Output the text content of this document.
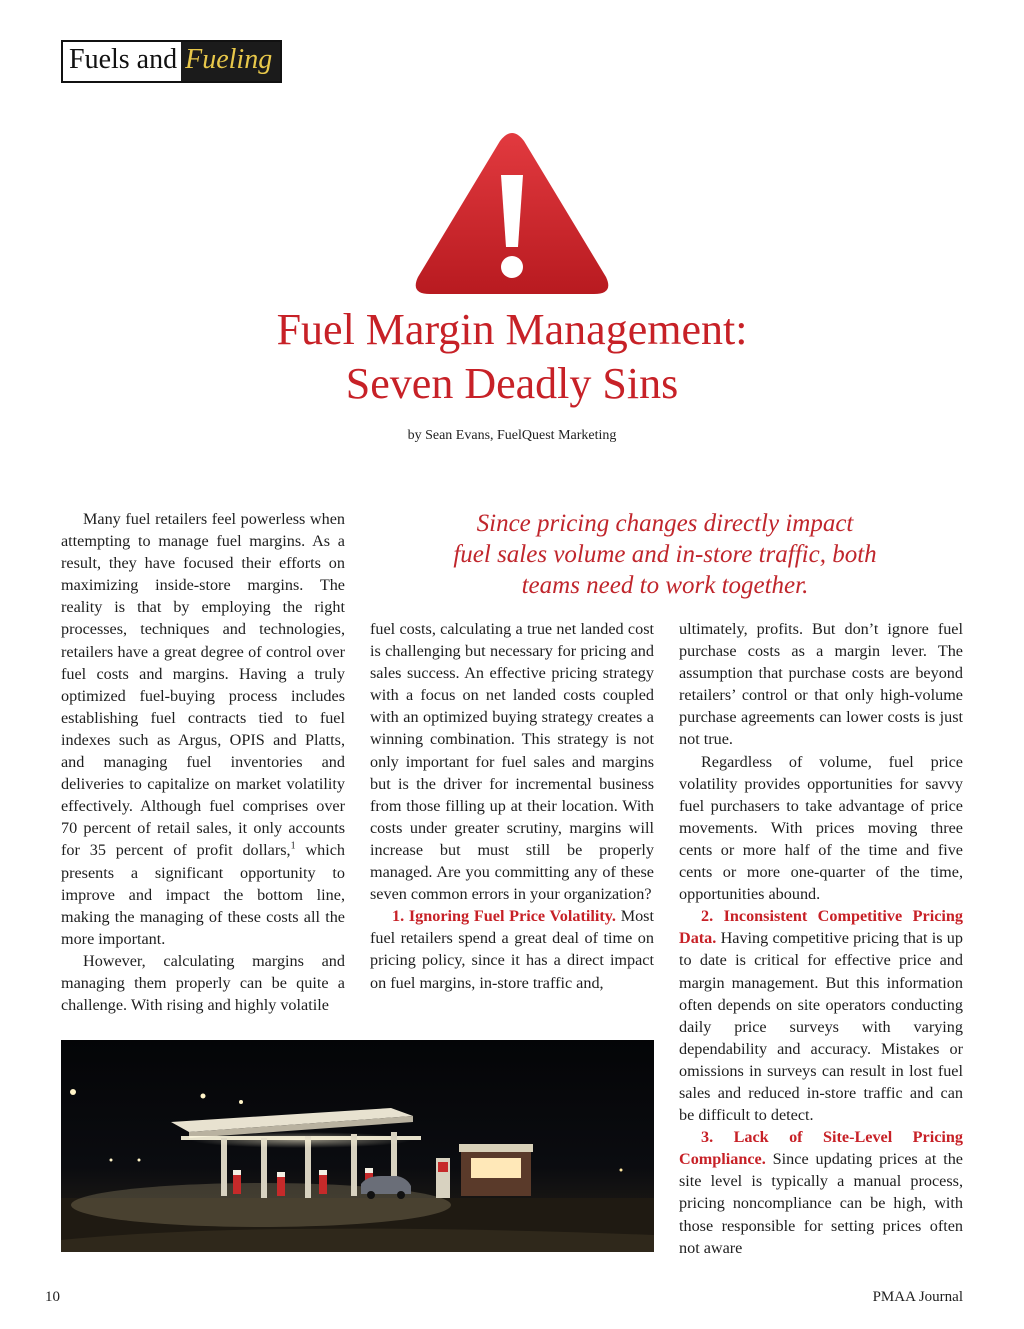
Fuels and Fueling
Fuel Margin Management:
Seven Deadly Sins
by Sean Evans, FuelQuest Marketing
Since pricing changes directly impact
fuel sales volume and in-store traffic, both
teams need to work together.

Many fuel retailers feel powerless when attempting to manage fuel margins. As a result, they have focused their efforts on maximizing inside-store margins. The reality is that by employing the right processes, techniques and technologies, retailers have a great degree of control over fuel costs and margins. Having a truly optimized fuel-buying process includes establishing fuel contracts tied to fuel indexes such as Argus, OPIS and Platts, and managing fuel inventories and deliveries to capitalize on market volatility effectively. Although fuel comprises over 70 percent of retail sales, it only accounts for 35 percent of profit dollars,$^1$ which presents a significant opportunity to improve and impact the bottom line, making the managing of these costs all the more important.

However, calculating margins and managing them properly can be quite a challenge. With rising and highly volatile

fuel costs, calculating a true net landed cost is challenging but necessary for pricing and sales success. An effective pricing strategy with a focus on net landed costs coupled with an optimized buying strategy creates a winning combination. This strategy is not only important for fuel sales and margins but is the driver for incremental business from those filling up at their location. With costs under greater scrutiny, margins will increase but must still be properly managed. Are you committing any of these seven common errors in your organization?

1. Ignoring Fuel Price Volatility. Most fuel retailers spend a great deal of time on pricing policy, since it has a direct impact on fuel margins, in-store traffic and,

ultimately, profits. But don’t ignore fuel purchase costs as a margin lever. The assumption that purchase costs are beyond retailers’ control or that only high-volume purchase agreements can lower costs is just not true.

Regardless of volume, fuel price volatility provides opportunities for savvy fuel purchasers to take advantage of price movements. With prices moving three cents or more half of the time and five cents or more one-quarter of the time, opportunities abound.

2. Inconsistent Competitive Pricing Data. Having competitive pricing that is up to date is critical for effective price and margin management. But this information often depends on site operators conducting daily price surveys with varying dependability and accuracy. Mistakes or omissions in surveys can result in lost fuel sales and reduced in-store traffic and can be difficult to detect.

3. Lack of Site-Level Pricing Compliance. Since updating prices at the site level is typically a manual process, pricing noncompliance can be high, with those responsible for setting prices often not aware

10	PMAA Journal
